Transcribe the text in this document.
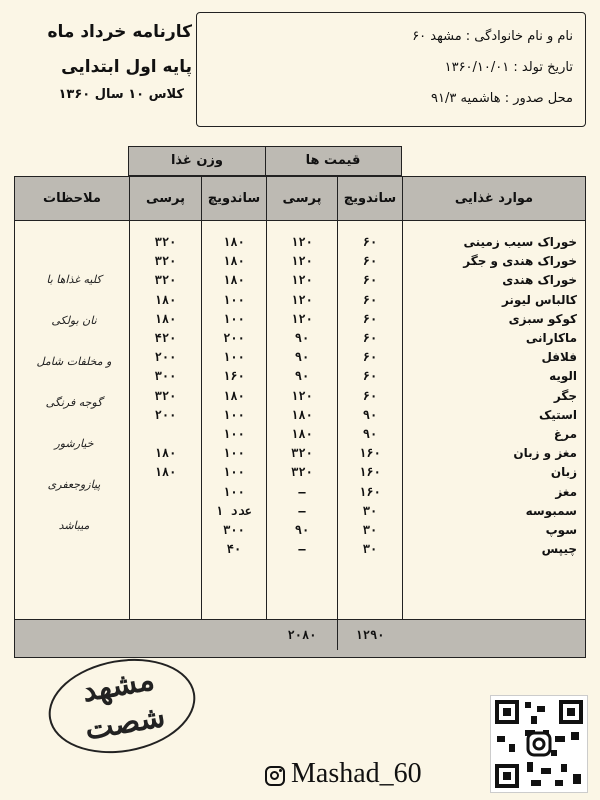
نام و نام خانوادگی : مشهد ۶۰
تاریخ تولد : ۱۳۶۰/۱۰/۰۱
محل صدور : هاشمیه ۹۱/۳
کارنامه خرداد ماه
پایه اول ابتدایی
کلاس ۱۰ سال ۱۳۶۰
قیمت ها
وزن غذا
موارد غذایی
ساندویچ
پرسی
ساندویچ
پرسی
ملاحظات
خوراک سیب زمینی
۶۰
۱۲۰
۱۸۰
۳۲۰
خوراک هندی و جگر
۶۰
۱۲۰
۱۸۰
۳۲۰
خوراک هندی
۶۰
۱۲۰
۱۸۰
۳۲۰
کالباس لیونر
۶۰
۱۲۰
۱۰۰
۱۸۰
کوکو سبزی
۶۰
۱۲۰
۱۰۰
۱۸۰
ماکارانی
۶۰
۹۰
۲۰۰
۴۲۰
فلافل
۶۰
۹۰
۱۰۰
۲۰۰
الویه
۶۰
۹۰
۱۶۰
۳۰۰
جگر
۶۰
۱۲۰
۱۸۰
۳۲۰
استیک
۹۰
۱۸۰
۱۰۰
۲۰۰
مرغ
۹۰
۱۸۰
۱۰۰
مغز و زبان
۱۶۰
۳۲۰
۱۰۰
۱۸۰
زبان
۱۶۰
۳۲۰
۱۰۰
۱۸۰
مغز
۱۶۰
–
۱۰۰
سمبوسه
۳۰
–
عدد ۱
سوپ
۳۰
۹۰
۳۰۰
چیپس
۳۰
–
۴۰
کلیه غذاها با
نان بولکی
و مخلفات شامل
گوجه فرنگی
خیارشور
پیازوجعفری
میباشد
۱۲۹۰
۲۰۸۰
مشهد
شصت
Mashad_60
